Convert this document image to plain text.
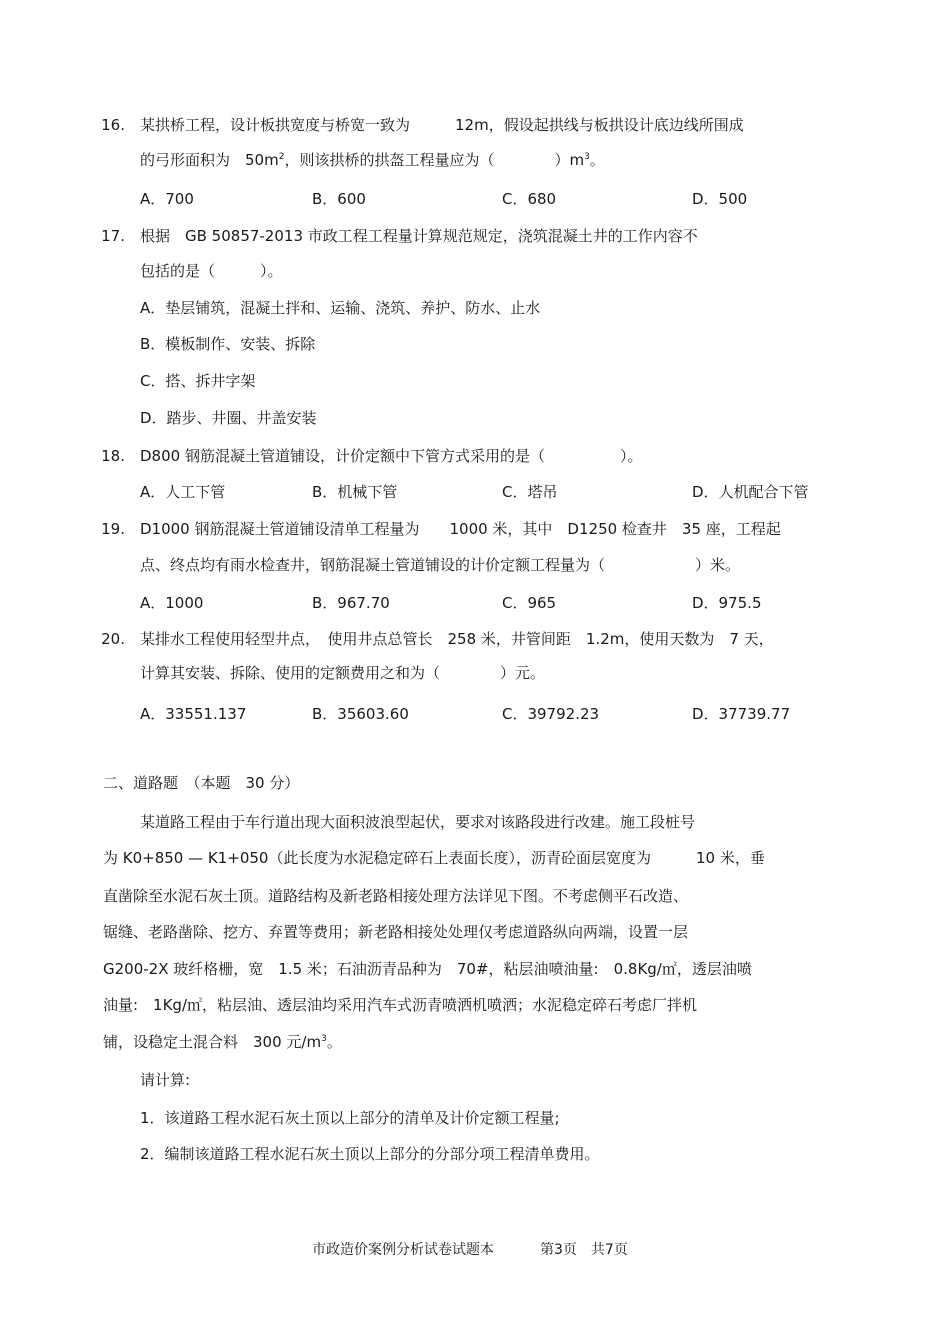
16. 某拱桥工程，设计板拱宽度与桥宽一致为　　　12m，假设起拱线与板拱设计底边线所围成
的弓形面积为　$50m^2$，则该拱桥的拱盔工程量应为（　　　　）$m^3$。
A．700	B．600	C．680	D．500
17. 根据　GB 50857-2013 市政工程工程量计算规范规定，浇筑混凝土井的工作内容不
包括的是（　　　）。
A．垫层铺筑，混凝土拌和、运输、浇筑、养护、防水、止水
B．模板制作、安装、拆除
C．搭、拆井字架
D．踏步、井圈、井盖安装
18. D800 钢筋混凝土管道铺设，计价定额中下管方式采用的是（　　　　　）。
A．人工下管	B．机械下管	C．塔吊	D．人机配合下管
19. D1000 钢筋混凝土管道铺设清单工程量为　　1000 米，其中　D1250 检查井　35 座，工程起
点、终点均有雨水检查井，钢筋混凝土管道铺设的计价定额工程量为（　　　　　　）米。
A．1000	B．967.70	C．965	D．975.5
20. 某排水工程使用轻型井点，　使用井点总管长　258 米，井管间距　1.2m，使用天数为　7 天，
计算其安装、拆除、使用的定额费用之和为（　　　　）元。
A．33551.137	B．35603.60	C．39792.23	D．37739.77
二、道路题　（本题　30 分）
某道路工程由于车行道出现大面积波浪型起伏，要求对该路段进行改建。施工段桩号
为 K0+850 — K1+050（此长度为水泥稳定碎石上表面长度），沥青砼面层宽度为　　　10 米，垂
直凿除至水泥石灰土顶。道路结构及新老路相接处理方法详见下图。不考虑侧平石改造、
锯缝、老路凿除、挖方、弃置等费用；新老路相接处处理仅考虑道路纵向两端，设置一层
G200-2X 玻纤格栅，宽　1.5 米；石油沥青品种为　70#，粘层油喷油量:　0.8Kg/㎡，透层油喷
油量:　1Kg/㎡，粘层油、透层油均采用汽车式沥青喷洒机喷洒；水泥稳定碎石考虑厂拌机
铺，设稳定土混合料　300 元$/m^3$。
请计算:
1．该道路工程水泥石灰土顶以上部分的清单及计价定额工程量;
2．编制该道路工程水泥石灰土顶以上部分的分部分项工程清单费用。
市政造价案例分析试卷试题本	第3页　共7页
